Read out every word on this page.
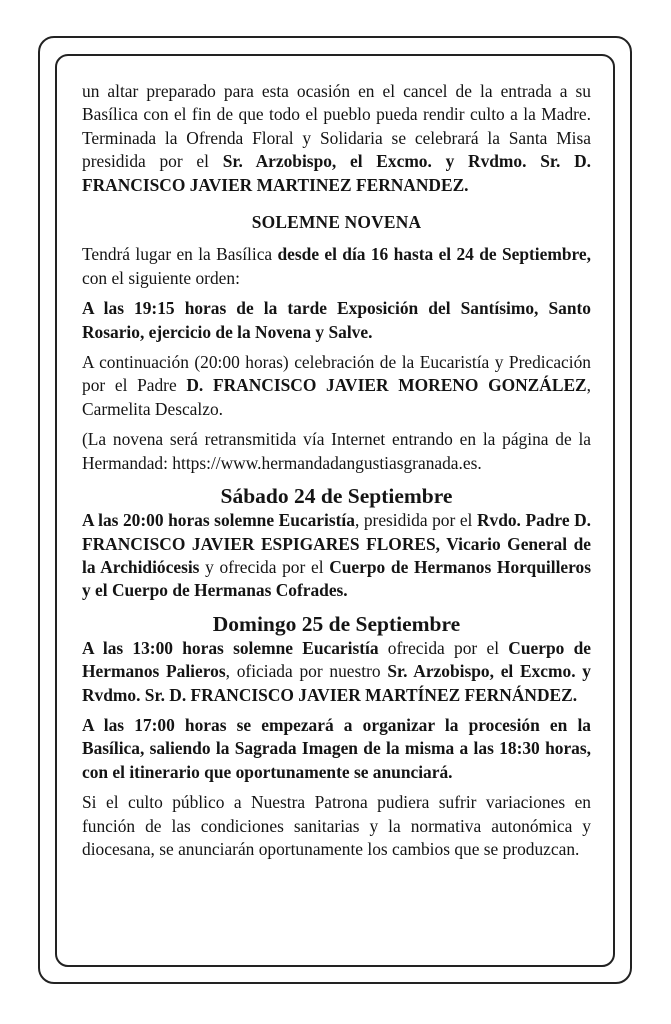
un altar preparado para esta ocasión en el cancel de la entrada a su Basílica con el fin de que todo el pueblo pueda rendir culto a la Madre. Terminada la Ofrenda Floral y Solidaria se celebrará la Santa Misa presidida por el Sr. Arzobispo, el Excmo. y Rvdmo. Sr. D. FRANCISCO JAVIER MARTINEZ FERNANDEZ.

SOLEMNE NOVENA

Tendrá lugar en la Basílica desde el día 16 hasta el 24 de Septiembre, con el siguiente orden:

A las 19:15 horas de la tarde Exposición del Santísimo, Santo Rosario, ejercicio de la Novena y Salve.

A continuación (20:00 horas) celebración de la Eucaristía y Predicación por el Padre D. FRANCISCO JAVIER MORENO GONZÁLEZ, Carmelita Descalzo.

(La novena será retransmitida vía Internet entrando en la página de la Hermandad: https://www.hermandadangustiasgranada.es.

Sábado 24 de Septiembre

A las 20:00 horas solemne Eucaristía, presidida por el Rvdo. Padre D. FRANCISCO JAVIER ESPIGARES FLORES, Vicario General de la Archidiócesis y ofrecida por el Cuerpo de Hermanos Horquilleros y el Cuerpo de Hermanas Cofrades.

Domingo 25 de Septiembre

A las 13:00 horas solemne Eucaristía ofrecida por el Cuerpo de Hermanos Palieros, oficiada por nuestro Sr. Arzobispo, el Excmo. y Rvdmo. Sr. D. FRANCISCO JAVIER MARTÍNEZ FERNÁNDEZ.

A las 17:00 horas se empezará a organizar la procesión en la Basílica, saliendo la Sagrada Imagen de la misma a las 18:30 horas, con el itinerario que oportunamente se anunciará.

Si el culto público a Nuestra Patrona pudiera sufrir variaciones en función de las condiciones sanitarias y la normativa autonómica y diocesana, se anunciarán oportunamente los cambios que se produzcan.
